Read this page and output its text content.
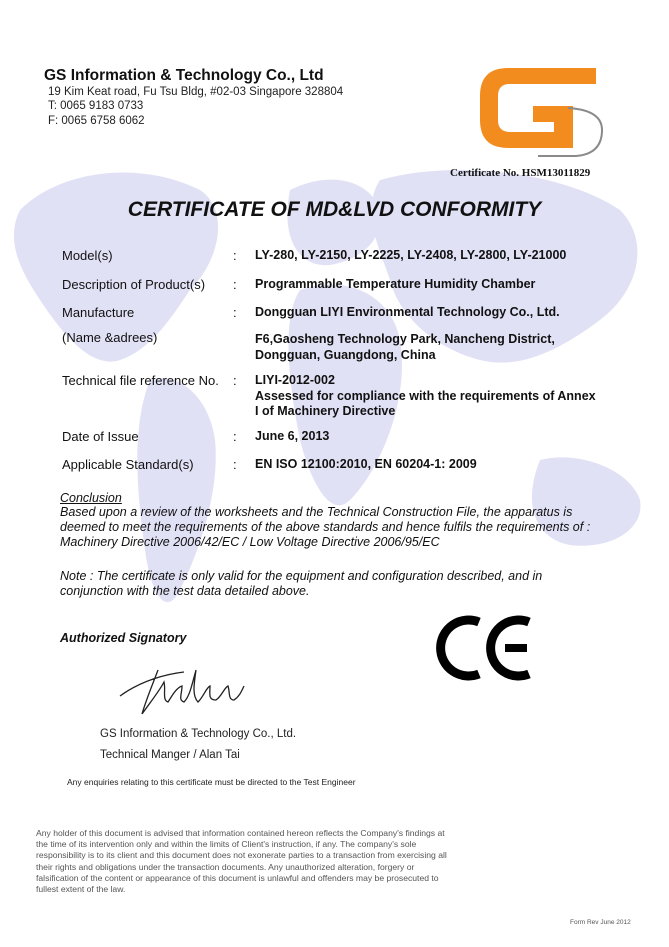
GS Information & Technology Co., Ltd
19 Kim Keat road, Fu Tsu Bldg, #02-03 Singapore 328804
T: 0065 9183 0733
F: 0065 6758 6062
Certificate No. HSM13011829
CERTIFICATE OF MD&LVD CONFORMITY
Model(s)	: LY-280, LY-2150, LY-2225, LY-2408, LY-2800, LY-21000
Description of Product(s) : Programmable Temperature Humidity Chamber
Manufacture	: Dongguan LIYI Environmental Technology Co., Ltd.
(Name &adrees)	F6,Gaosheng Technology Park, Nancheng District,
Dongguan, Guangdong, China
Technical file reference No. : LIYI-2012-002
Assessed for compliance with the requirements of Annex
I of Machinery Directive
Date of Issue	: June 6, 2013
Applicable Standard(s)	: EN ISO 12100:2010, EN 60204-1: 2009
Conclusion
Based upon a review of the worksheets and the Technical Construction File, the apparatus is
deemed to meet the requirements of the above standards and hence fulfils the requirements of :
Machinery Directive 2006/42/EC / Low Voltage Directive 2006/95/EC
Note : The certificate is only valid for the equipment and configuration described, and in
conjunction with the test data detailed above.
Authorized Signatory
GS Information & Technology Co., Ltd.
Technical Manger / Alan Tai
Any enquiries relating to this certificate must be directed to the Test Engineer
Any holder of this document is advised that information contained hereon reflects the Company's findings at
the time of its intervention only and within the limits of Client's instruction, if any. The company's sole
responsibility is to its client and this document does not exonerate parties to a transaction from exercising all
their rights and obligations under the transaction documents. Any unauthorized alteration, forgery or
falsification of the content or appearance of this document is unlawful and offenders may be prosecuted to
fullest extent of the law.
Form Rev June 2012
